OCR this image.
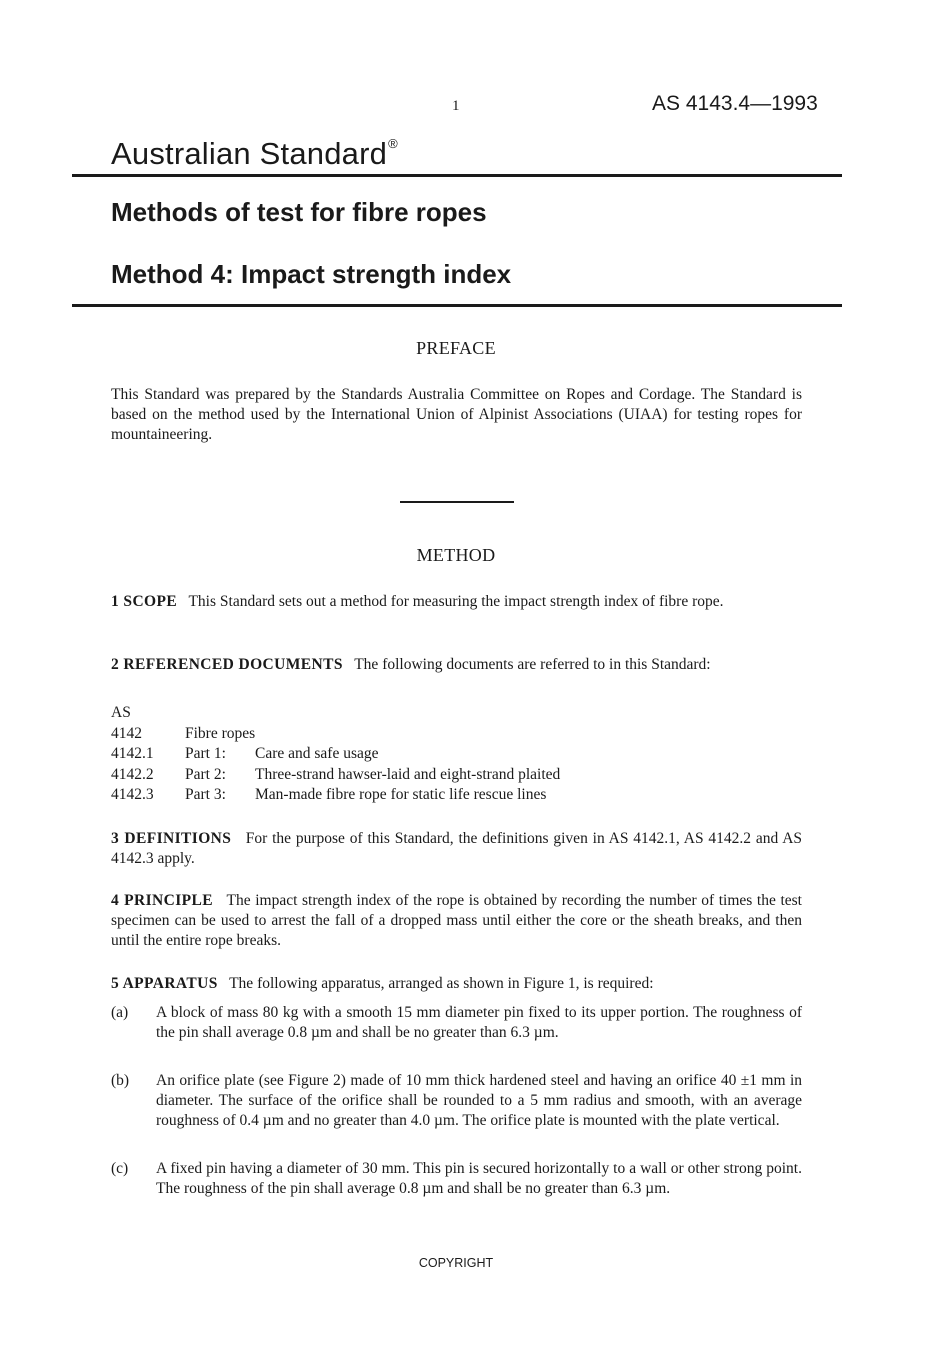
1	AS 4143.4—1993
Australian Standard®
Methods of test for fibre ropes
Method 4: Impact strength index
PREFACE
This Standard was prepared by the Standards Australia Committee on Ropes and Cordage. The Standard is based on the method used by the International Union of Alpinist Associations (UIAA) for testing ropes for mountaineering.
METHOD
1 SCOPE This Standard sets out a method for measuring the impact strength index of fibre rope.
2 REFERENCED DOCUMENTS The following documents are referred to in this Standard:
AS
4142	Fibre ropes
4142.1	Part 1:	Care and safe usage
4142.2	Part 2:	Three-strand hawser-laid and eight-strand plaited
4142.3	Part 3:	Man-made fibre rope for static life rescue lines
3 DEFINITIONS For the purpose of this Standard, the definitions given in AS 4142.1, AS 4142.2 and AS 4142.3 apply.
4 PRINCIPLE The impact strength index of the rope is obtained by recording the number of times the test specimen can be used to arrest the fall of a dropped mass until either the core or the sheath breaks, and then until the entire rope breaks.
5 APPARATUS The following apparatus, arranged as shown in Figure 1, is required:
(a)	A block of mass 80 kg with a smooth 15 mm diameter pin fixed to its upper portion. The roughness of the pin shall average 0.8 µm and shall be no greater than 6.3 µm.
(b)	An orifice plate (see Figure 2) made of 10 mm thick hardened steel and having an orifice 40 ±1 mm in diameter. The surface of the orifice shall be rounded to a 5 mm radius and smooth, with an average roughness of 0.4 µm and no greater than 4.0 µm. The orifice plate is mounted with the plate vertical.
(c)	A fixed pin having a diameter of 30 mm. This pin is secured horizontally to a wall or other strong point. The roughness of the pin shall average 0.8 µm and shall be no greater than 6.3 µm.
COPYRIGHT
